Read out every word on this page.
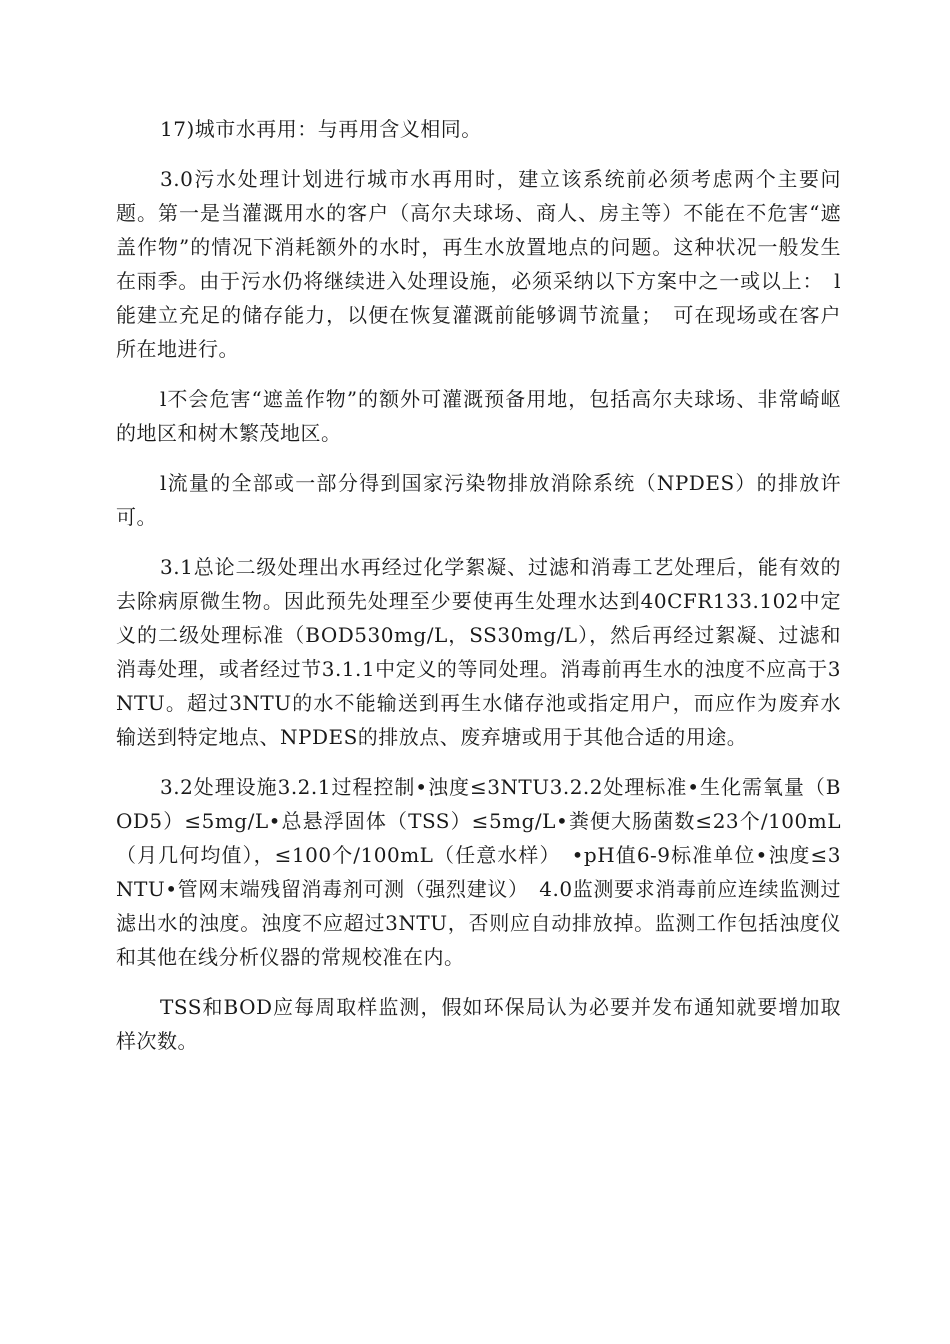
17)城市水再用：与再用含义相同。

3.0污水处理计划进行城市水再用时，建立该系统前必须考虑两个主要问题。第一是当灌溉用水的客户（高尔夫球场、商人、房主等）不能在不危害“遮盖作物”的情况下消耗额外的水时，再生水放置地点的问题。这种状况一般发生在雨季。由于污水仍将继续进入处理设施，必须采纳以下方案中之一或以上：　l能建立充足的储存能力，以便在恢复灌溉前能够调节流量；　可在现场或在客户所在地进行。

l不会危害“遮盖作物”的额外可灌溉预备用地，包括高尔夫球场、非常崎岖的地区和树木繁茂地区。

l流量的全部或一部分得到国家污染物排放消除系统（NPDES）的排放许可。

3.1总论二级处理出水再经过化学絮凝、过滤和消毒工艺处理后，能有效的去除病原微生物。因此预先处理至少要使再生处理水达到40CFR133.102中定义的二级处理标准（BOD530mg/L，SS30mg/L），然后再经过絮凝、过滤和消毒处理，或者经过节3.1.1中定义的等同处理。消毒前再生水的浊度不应高于3NTU。超过3NTU的水不能输送到再生水储存池或指定用户，而应作为废弃水输送到特定地点、NPDES的排放点、废弃塘或用于其他合适的用途。

3.2处理设施3.2.1过程控制•浊度≤3NTU3.2.2处理标准•生化需氧量（BOD5）≤5mg/L•总悬浮固体（TSS）≤5mg/L•粪便大肠菌数≤23个/100mL（月几何均值），≤100个/100mL（任意水样）　•pH值6-9标准单位•浊度≤3NTU•管网末端残留消毒剂可测（强烈建议）　4.0监测要求消毒前应连续监测过滤出水的浊度。浊度不应超过3NTU，否则应自动排放掉。监测工作包括浊度仪和其他在线分析仪器的常规校准在内。

TSS和BOD应每周取样监测，假如环保局认为必要并发布通知就要增加取样次数。
